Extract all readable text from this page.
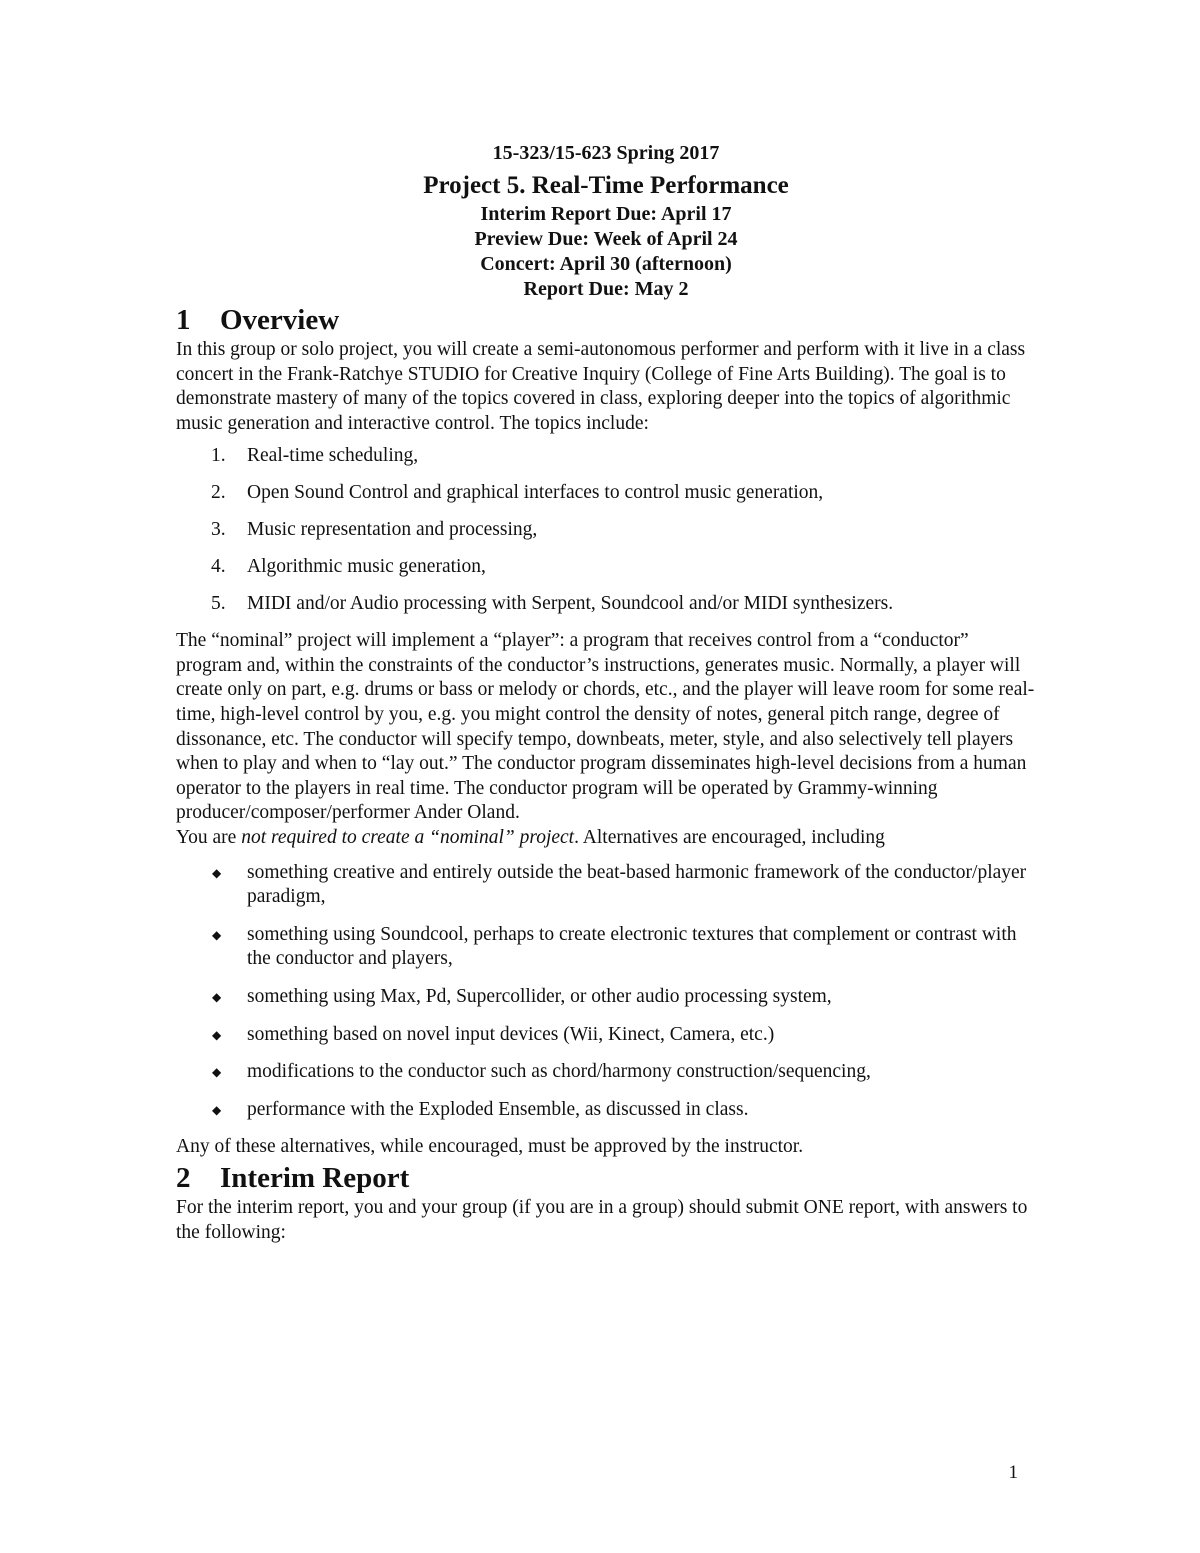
15-323/15-623 Spring 2017
Project 5. Real-Time Performance
Interim Report Due: April 17
Preview Due: Week of April 24
Concert: April 30 (afternoon)
Report Due: May 2
1 Overview

In this group or solo project, you will create a semi-autonomous performer and perform with it live in a class concert in the Frank-Ratchye STUDIO for Creative Inquiry (College of Fine Arts Building). The goal is to demonstrate mastery of many of the topics covered in class, exploring deeper into the topics of algorithmic music generation and interactive control. The topics include:

1. Real-time scheduling,
2. Open Sound Control and graphical interfaces to control music generation,
3. Music representation and processing,
4. Algorithmic music generation,
5. MIDI and/or Audio processing with Serpent, Soundcool and/or MIDI synthesizers.

The “nominal” project will implement a “player”: a program that receives control from a “conductor” program and, within the constraints of the conductor’s instructions, generates music. Normally, a player will create only on part, e.g. drums or bass or melody or chords, etc., and the player will leave room for some real-time, high-level control by you, e.g. you might control the density of notes, general pitch range, degree of dissonance, etc. The conductor will specify tempo, downbeats, meter, style, and also selectively tell players when to play and when to “lay out.” The conductor program disseminates high-level decisions from a human operator to the players in real time. The conductor program will be operated by Grammy-winning producer/composer/performer Ander Oland.

You are not required to create a “nominal” project. Alternatives are encouraged, including

◆ something creative and entirely outside the beat-based harmonic framework of the conductor/player paradigm,
◆ something using Soundcool, perhaps to create electronic textures that complement or contrast with the conductor and players,
◆ something using Max, Pd, Supercollider, or other audio processing system,
◆ something based on novel input devices (Wii, Kinect, Camera, etc.)
◆ modifications to the conductor such as chord/harmony construction/sequencing,
◆ performance with the Exploded Ensemble, as discussed in class.

Any of these alternatives, while encouraged, must be approved by the instructor.

2 Interim Report

For the interim report, you and your group (if you are in a group) should submit ONE report, with answers to the following:

1
